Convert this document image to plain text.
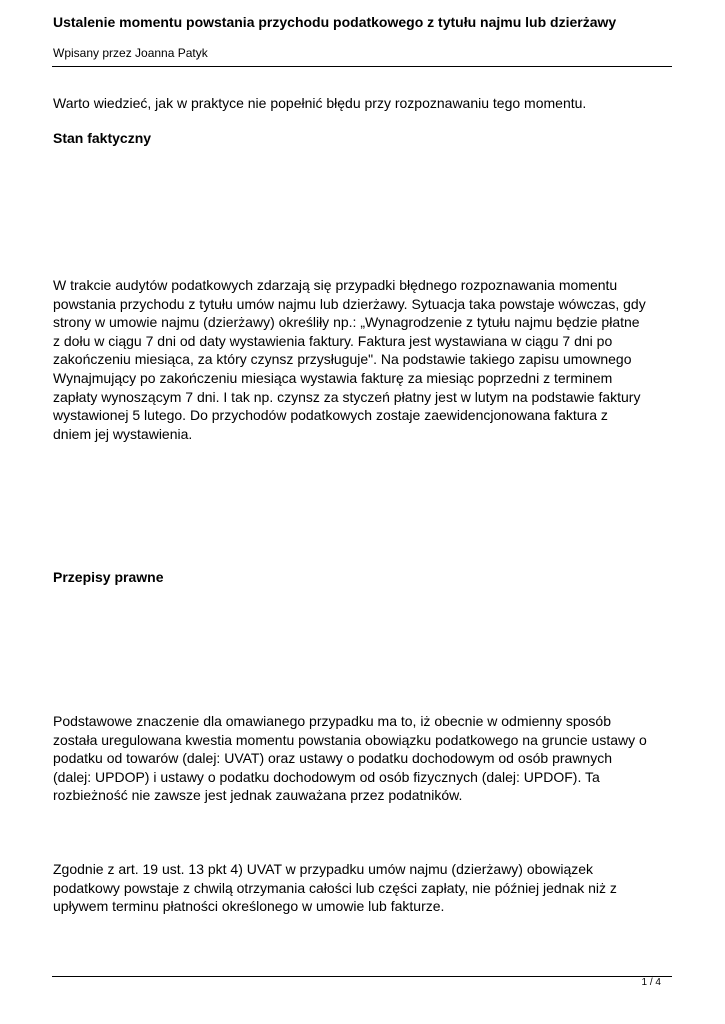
Ustalenie momentu powstania przychodu podatkowego z tytułu najmu lub dzierżawy
Wpisany przez Joanna Patyk

Warto wiedzieć, jak w praktyce nie popełnić błędu przy rozpoznawaniu tego momentu.

Stan faktyczny

W trakcie audytów podatkowych zdarzają się przypadki błędnego rozpoznawania momentu
powstania przychodu z tytułu umów najmu lub dzierżawy. Sytuacja taka powstaje wówczas, gdy
strony w umowie najmu (dzierżawy) określiły np.: „Wynagrodzenie z tytułu najmu będzie płatne
z dołu w ciągu 7 dni od daty wystawienia faktury. Faktura jest wystawiana w ciągu 7 dni po
zakończeniu miesiąca, za który czynsz przysługuje". Na podstawie takiego zapisu umownego
Wynajmujący po zakończeniu miesiąca wystawia fakturę za miesiąc poprzedni z terminem
zapłaty wynoszącym 7 dni. I tak np. czynsz za styczeń płatny jest w lutym na podstawie faktury
wystawionej 5 lutego. Do przychodów podatkowych zostaje zaewidencjonowana faktura z
dniem jej wystawienia.

Przepisy prawne

Podstawowe znaczenie dla omawianego przypadku ma to, iż obecnie w odmienny sposób
została uregulowana kwestia momentu powstania obowiązku podatkowego na gruncie ustawy o
podatku od towarów (dalej: UVAT) oraz ustawy o podatku dochodowym od osób prawnych
(dalej: UPDOP) i ustawy o podatku dochodowym od osób fizycznych (dalej: UPDOF). Ta
rozbieżność nie zawsze jest jednak zauważana przez podatników.
Zgodnie z art. 19 ust. 13 pkt 4) UVAT w przypadku umów najmu (dzierżawy) obowiązek
podatkowy powstaje z chwilą otrzymania całości lub części zapłaty, nie później jednak niż z
upływem terminu płatności określonego w umowie lub fakturze.
1 / 4
